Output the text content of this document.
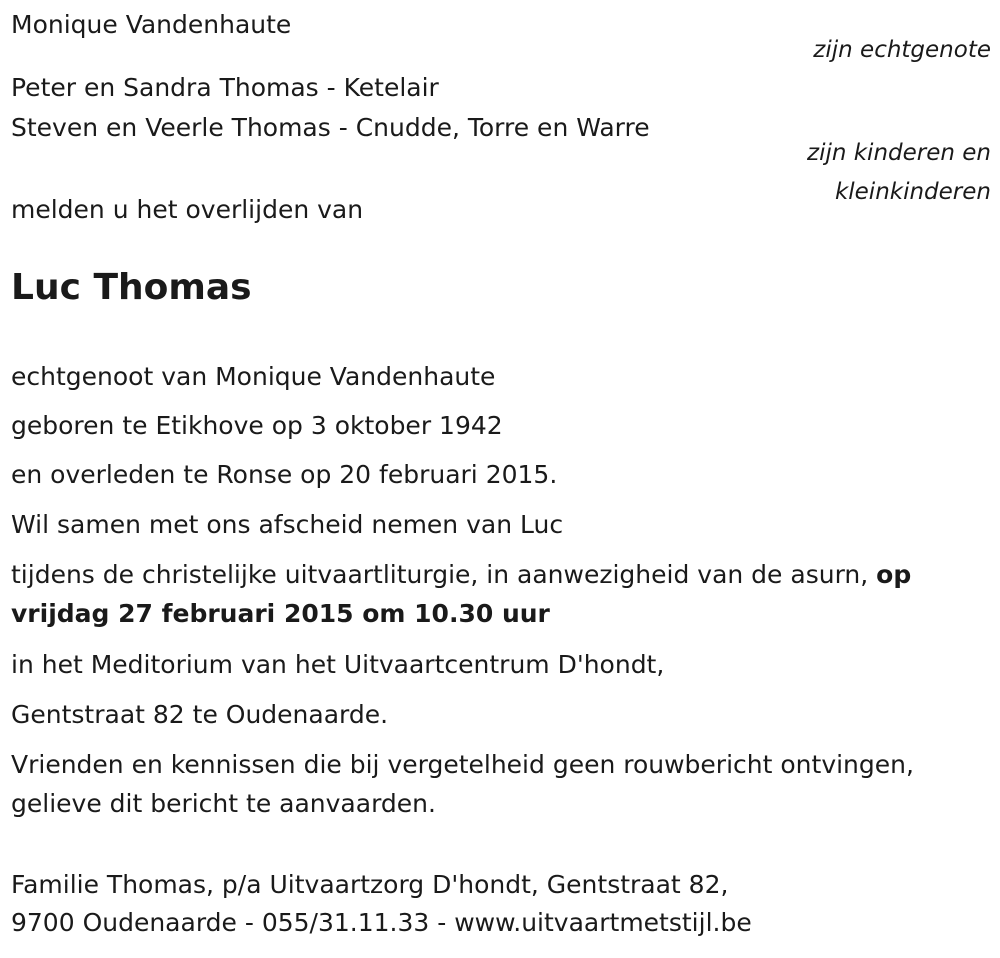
Monique Vandenhaute
zijn echtgenote
Peter en Sandra Thomas - Ketelair
Steven en Veerle Thomas - Cnudde, Torre en Warre
zijn kinderen en
kleinkinderen
melden u het overlijden van
Luc Thomas
echtgenoot van Monique Vandenhaute
geboren te Etikhove op 3 oktober 1942
en overleden te Ronse op 20 februari 2015.
Wil samen met ons afscheid nemen van Luc
tijdens de christelijke uitvaartliturgie, in aanwezigheid van de asurn, op
vrijdag 27 februari 2015 om 10.30 uur
in het Meditorium van het Uitvaartcentrum D'hondt,
Gentstraat 82 te Oudenaarde.
Vrienden en kennissen die bij vergetelheid geen rouwbericht ontvingen,
gelieve dit bericht te aanvaarden.
Familie Thomas, p/a Uitvaartzorg D'hondt, Gentstraat 82,
9700 Oudenaarde - 055/31.11.33 - www.uitvaartmetstijl.be
